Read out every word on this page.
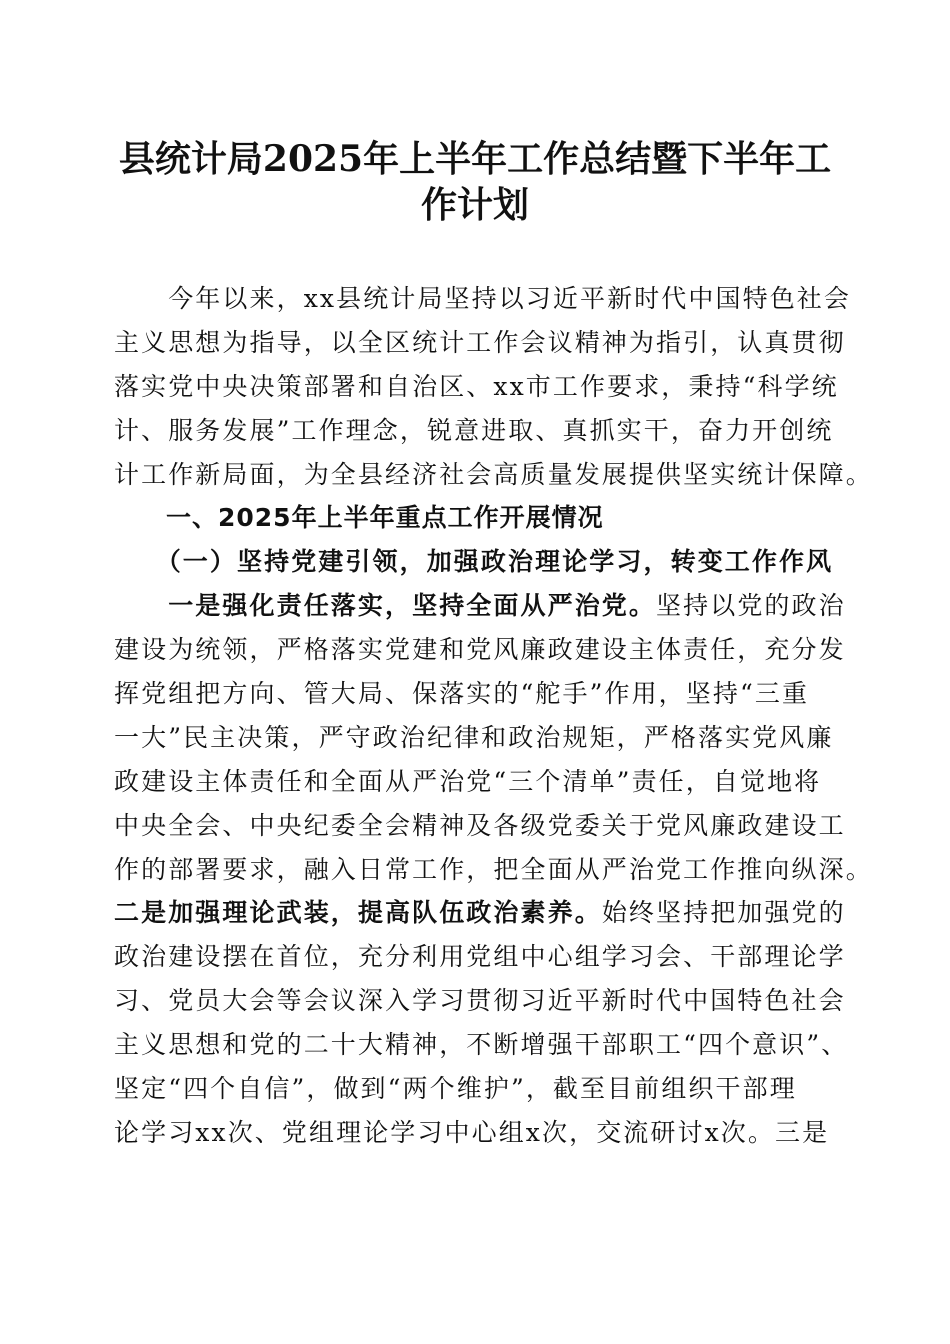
县统计局2025年上半年工作总结暨下半年工
作计划
　　今年以来，xx县统计局坚持以习近平新时代中国特色社会
主义思想为指导，以全区统计工作会议精神为指引，认真贯彻
落实党中央决策部署和自治区、xx市工作要求，秉持“科学统
计、服务发展”工作理念，锐意进取、真抓实干，奋力开创统
计工作新局面，为全县经济社会高质量发展提供坚实统计保障。
　　一、2025年上半年重点工作开展情况
　　（一）坚持党建引领，加强政治理论学习，转变工作作风
　　一是强化责任落实，坚持全面从严治党。坚持以党的政治
建设为统领，严格落实党建和党风廉政建设主体责任，充分发
挥党组把方向、管大局、保落实的“舵手”作用，坚持“三重
一大”民主决策，严守政治纪律和政治规矩，严格落实党风廉
政建设主体责任和全面从严治党“三个清单”责任，自觉地将
中央全会、中央纪委全会精神及各级党委关于党风廉政建设工
作的部署要求，融入日常工作，把全面从严治党工作推向纵深。
二是加强理论武装，提高队伍政治素养。始终坚持把加强党的
政治建设摆在首位，充分利用党组中心组学习会、干部理论学
习、党员大会等会议深入学习贯彻习近平新时代中国特色社会
主义思想和党的二十大精神，不断增强干部职工“四个意识”、
坚定“四个自信”，做到“两个维护”，截至目前组织干部理
论学习xx次、党组理论学习中心组x次，交流研讨x次。三是
